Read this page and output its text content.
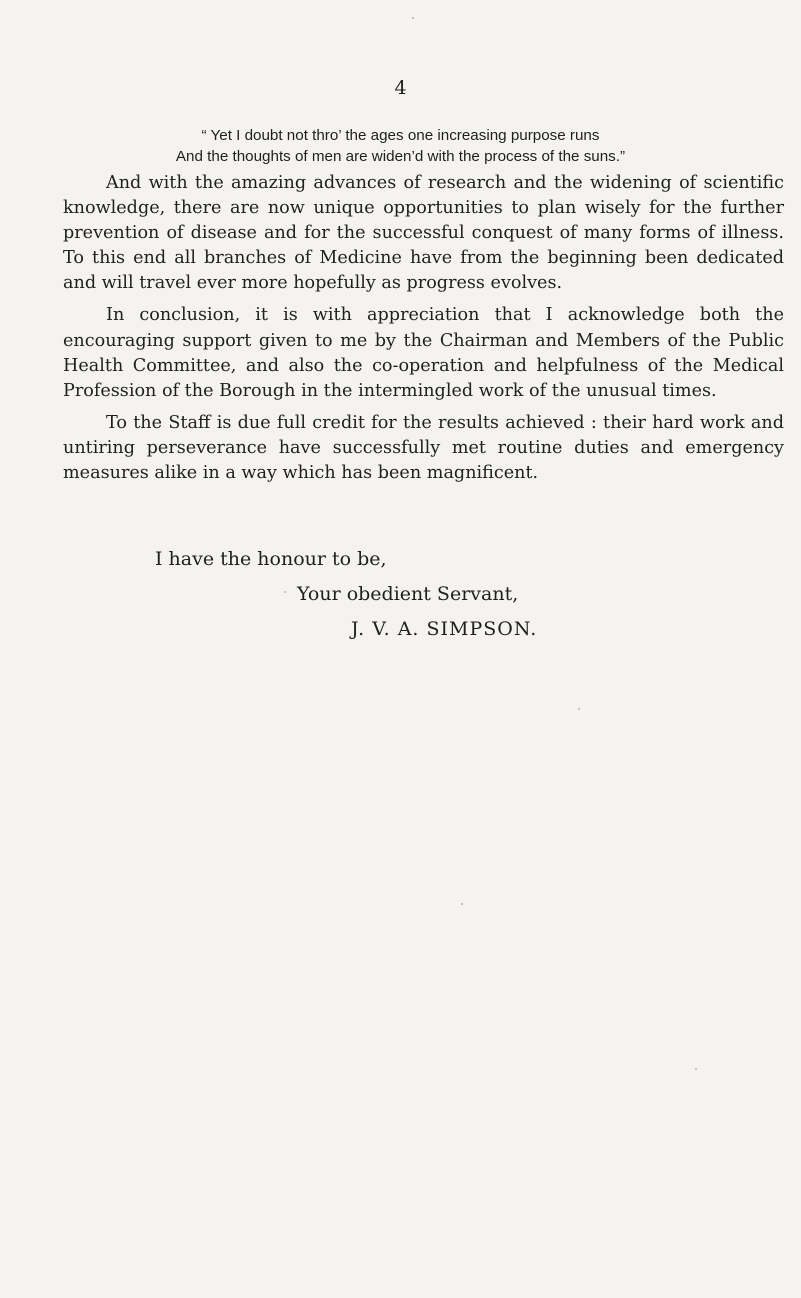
4
“ Yet I doubt not thro’ the ages one increasing purpose runs
And the thoughts of men are widen’d with the process of the suns.”

And with the amazing advances of research and the widening of scientific knowledge, there are now unique opportunities to plan wisely for the further prevention of disease and for the successful conquest of many forms of illness. To this end all branches of Medicine have from the beginning been dedicated and will travel ever more hopefully as progress evolves.

In conclusion, it is with appreciation that I acknowledge both the encouraging support given to me by the Chairman and Members of the Public Health Committee, and also the co-operation and helpfulness of the Medical Profession of the Borough in the intermingled work of the unusual times.

To the Staff is due full credit for the results achieved : their hard work and untiring perseverance have successfully met routine duties and emergency measures alike in a way which has been magnificent.

I have the honour to be,
Your obedient Servant,
J. V. A. SIMPSON.
